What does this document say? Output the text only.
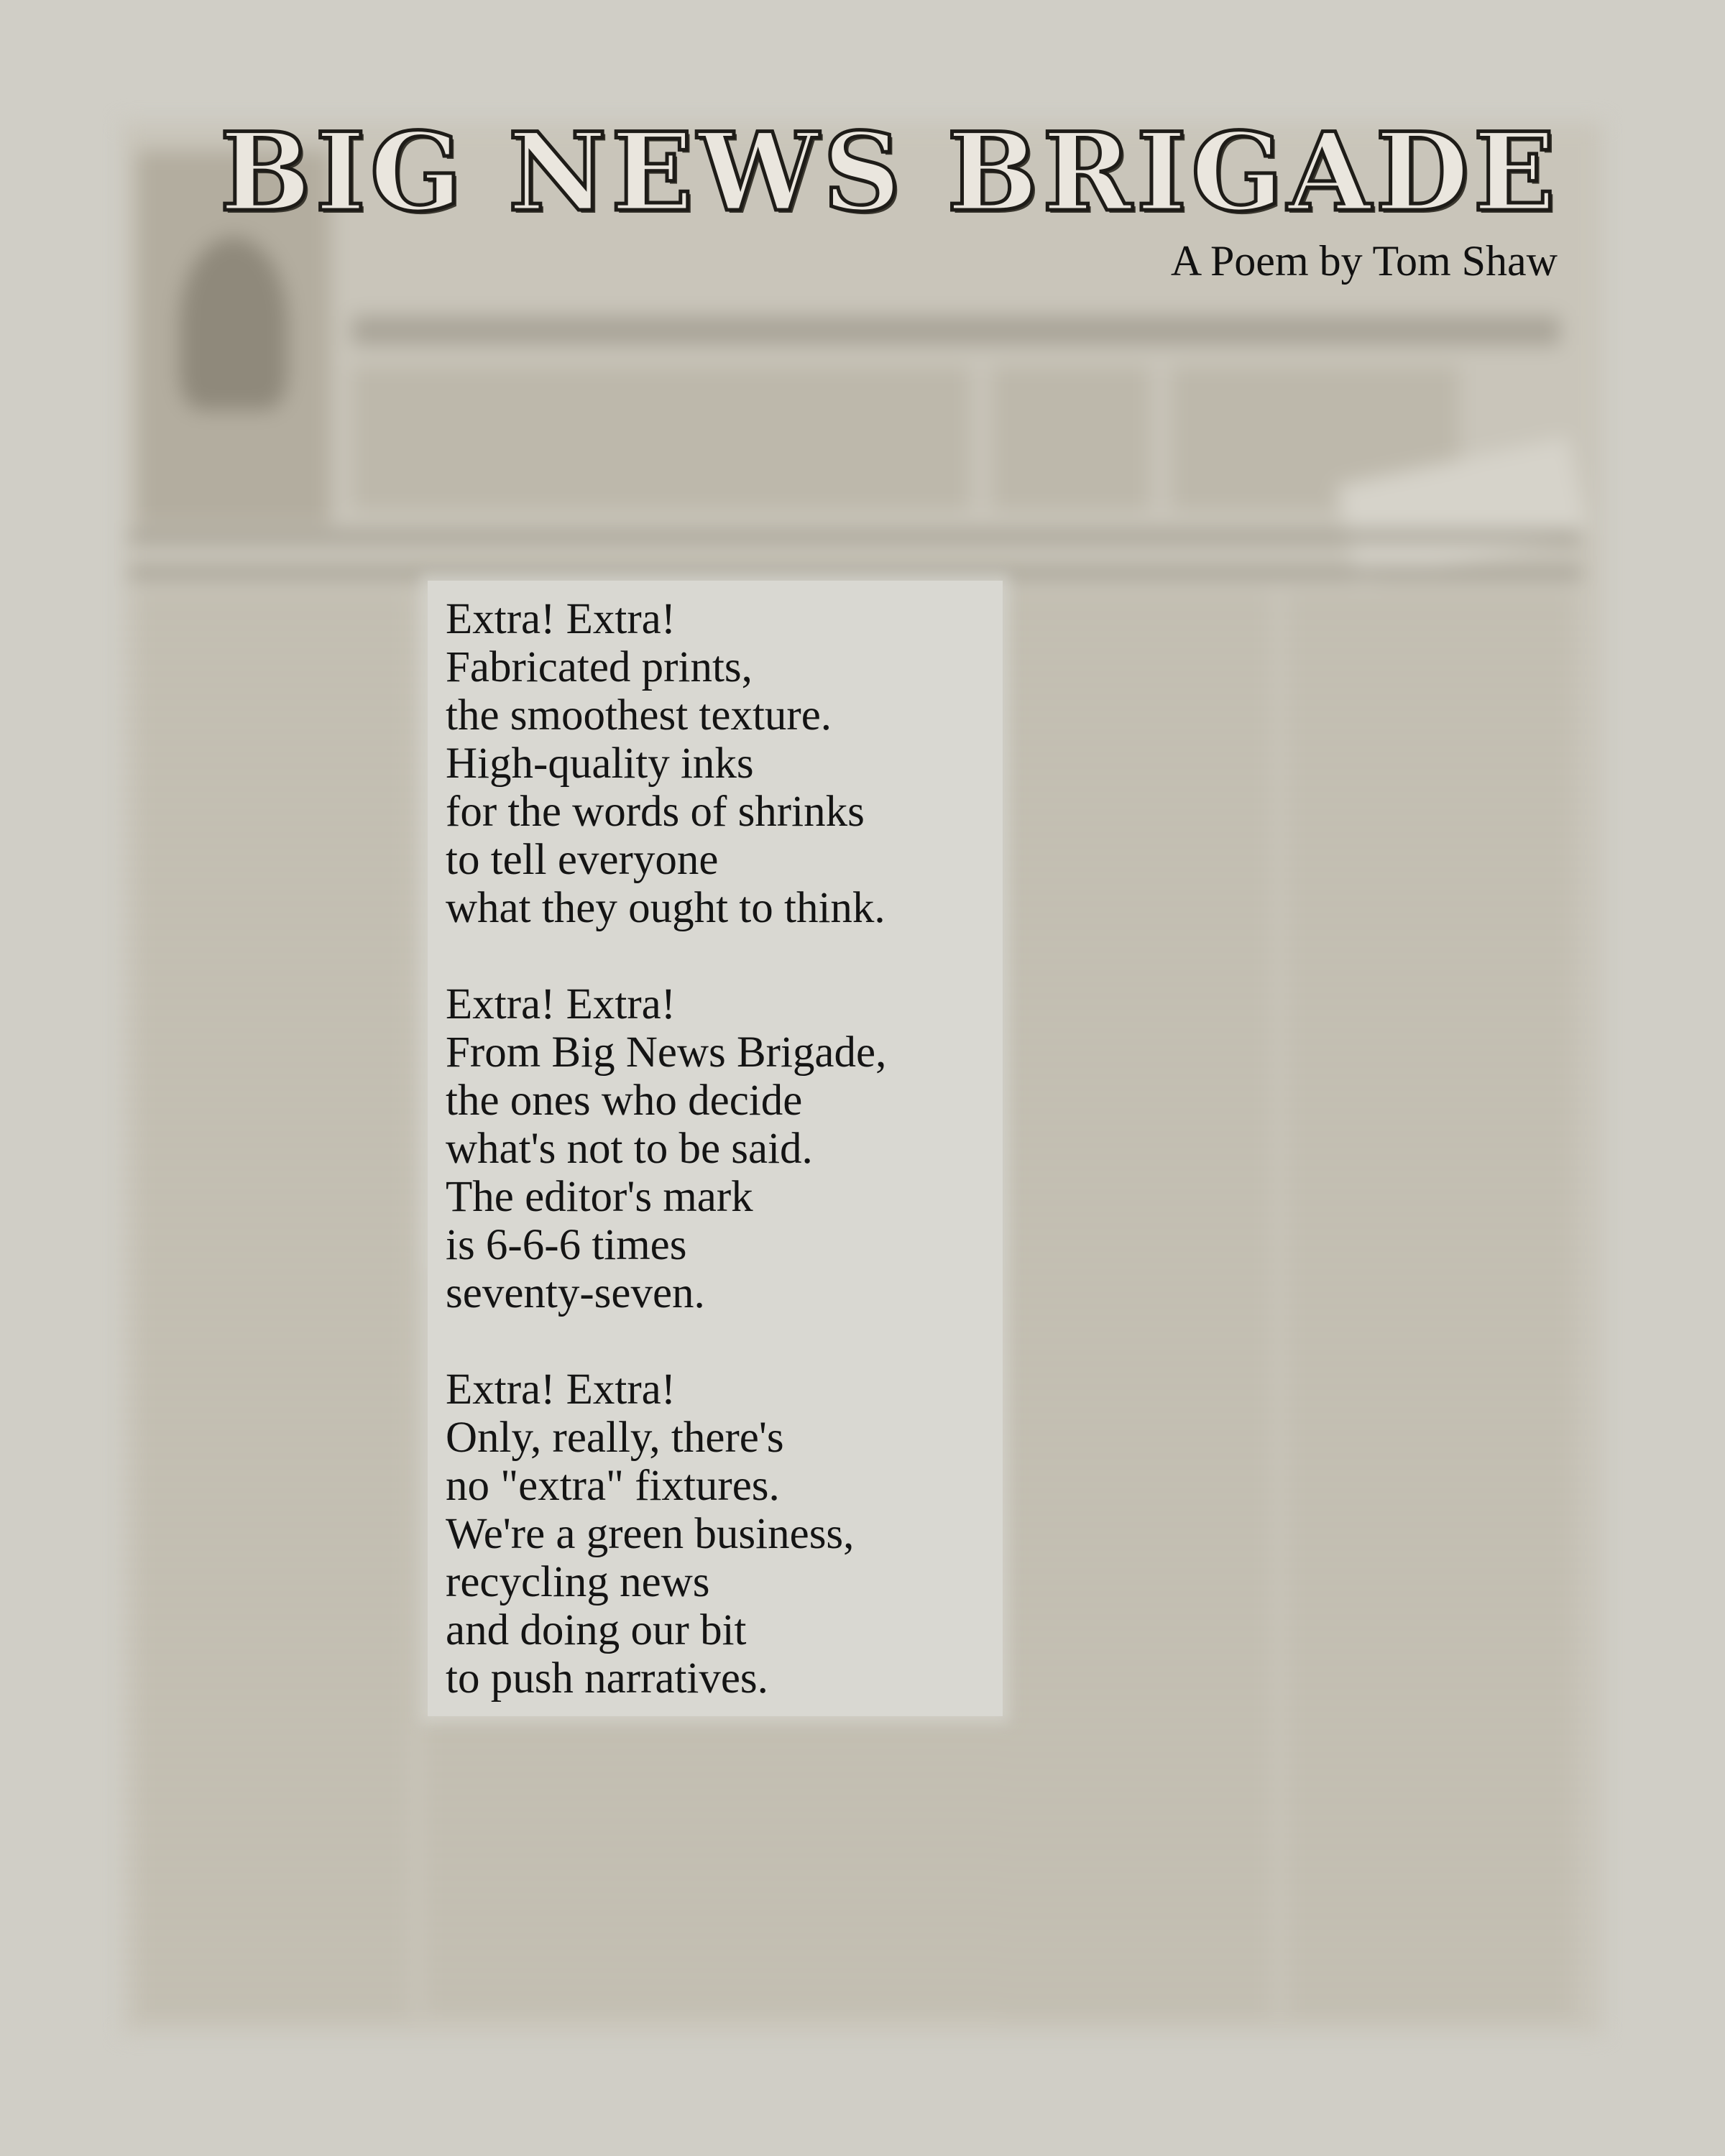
BIG NEWS BRIGADE

A Poem by Tom Shaw

Extra! Extra!
Fabricated prints,
the smoothest texture.
High-quality inks
for the words of shrinks
to tell everyone
what they ought to think.

Extra! Extra!
From Big News Brigade,
the ones who decide
what's not to be said.
The editor's mark
is 6-6-6 times
seventy-seven.

Extra! Extra!
Only, really, there's
no "extra" fixtures.
We're a green business,
recycling news
and doing our bit
to push narratives.
